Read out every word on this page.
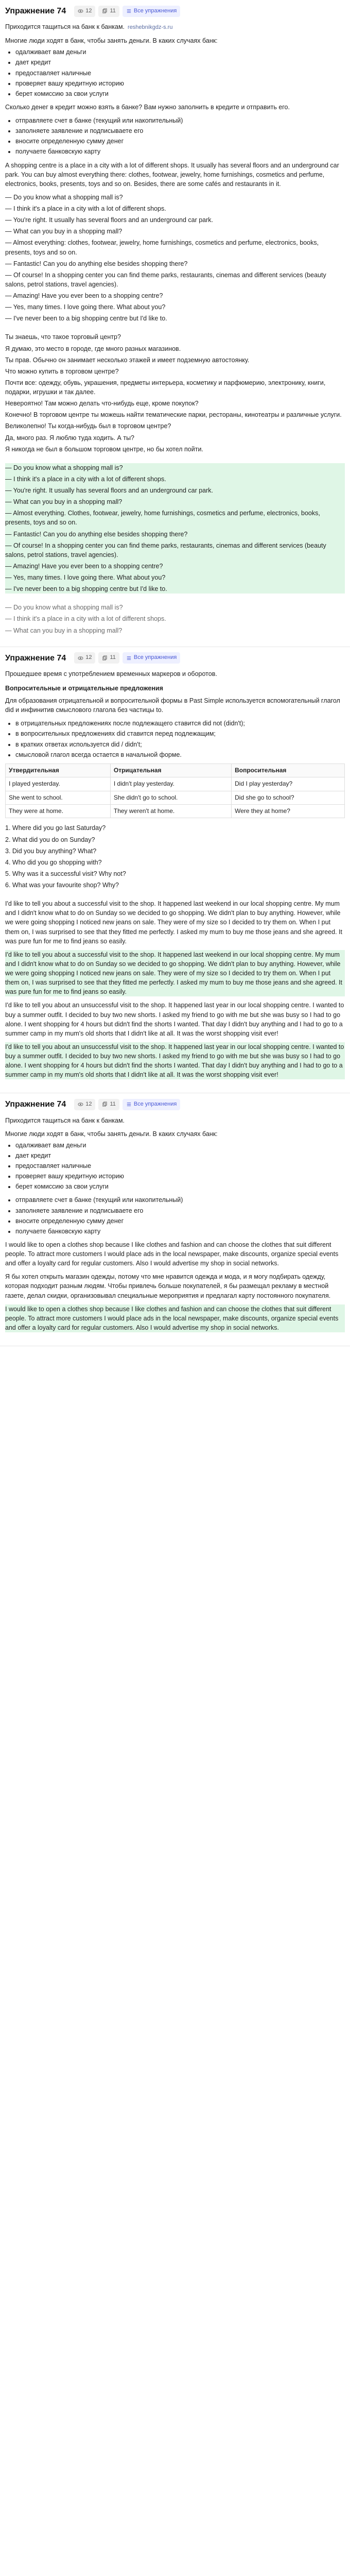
Упражнение 74	12	11	Все упражнения

Приходится тащиться на банк к банкам. reshebnikgdz-s.ru

Многие люди ходят в банк, чтобы занять деньги. В каких случаях банк:

• одалживает вам деньги
• дает кредит
• предоставляет наличные
• проверяет вашу кредитную историю
• берет комиссию за свои услуги

Сколько денег в кредит можно взять в банке? Вам нужно заполнить в кредите и отправить его.

• отправляете счет в банке (текущий или накопительный)
• заполняете заявление и подписываете его
• вносите определенную сумму денег
• получаете банковскую карту

A shopping centre is a place in a city with a lot of different shops. It usually has several floors and an underground car park. You can buy almost everything there: clothes, footwear, jewelry, home furnishings, cosmetics and perfume, electronics, books, presents, toys and so on. Besides, there are some cafés and restaurants in it.

— Do you know what a shopping mall is?

— I think it's a place in a city with a lot of different shops.

— You're right. It usually has several floors and an underground car park.

— What can you buy in a shopping mall?

— Almost everything: clothes, footwear, jewelry, home furnishings, cosmetics and perfume, electronics, books, presents, toys and so on.

— Fantastic! Can you do anything else besides shopping there?

— Of course! In a shopping center you can find theme parks, restaurants, cinemas and different services (beauty salons, petrol stations, travel agencies).

— Amazing! Have you ever been to a shopping centre?

— Yes, many times. I love going there. What about you?

— I've never been to a big shopping centre but I'd like to.

Ты знаешь, что такое торговый центр?

Я думаю, это место в городе, где много разных магазинов.

Ты прав. Обычно он занимает несколько этажей и имеет подземную автостоянку.

Что можно купить в торговом центре?

Почти все: одежду, обувь, украшения, предметы интерьера, косметику и парфюмерию, электронику, книги, подарки, игрушки и так далее.

Невероятно! Там можно делать что-нибудь еще, кроме покупок?

Конечно! В торговом центре ты можешь найти тематические парки, рестораны, кинотеатры и различные услуги.

Великолепно! Ты когда-нибудь был в торговом центре?

Да, много раз. Я люблю туда ходить. А ты?

Я никогда не был в большом торговом центре, но бы хотел пойти.

— Do you know what a shopping mall is?

— I think it's a place in a city with a lot of different shops.

— You're right. It usually has several floors and an underground car park.

— What can you buy in a shopping mall?

— Almost everything. Clothes, footwear, jewelry, home furnishings, cosmetics and perfume, electronics, books, presents, toys and so on.

— Fantastic! Can you do anything else besides shopping there?

— Of course! In a shopping center you can find theme parks, restaurants, cinemas and different services (beauty salons, petrol stations, travel agencies).

— Amazing! Have you ever been to a shopping centre?

— Yes, many times. I love going there. What about you?

— I've never been to a big shopping centre but I'd like to.

— Do you know what a shopping mall is?

— I think it's a place in a city with a lot of different shops.

— What can you buy in a shopping mall?

Упражнение 74	12	11	Все упражнения

Прошедшее время с употреблением временных маркеров и оборотов.

Вопросительные и отрицательные предложения

Для образования отрицательной и вопросительной формы в Past Simple используется вспомогательный глагол did и инфинитив смыслового глагола без частицы to.

• в отрицательных предложениях после подлежащего ставится did not (didn't);
• в вопросительных предложениях did ставится перед подлежащим;
• в кратких ответах используется did / didn't;
• смысловой глагол всегда остается в начальной форме.
Утвердительная	Отрицательная	Вопросительная
I played yesterday.	I didn't play yesterday.	Did I play yesterday?
She went to school.	She didn't go to school.	Did she go to school?
They were at home.	They weren't at home.	Were they at home?

1. Where did you go last Saturday?

2. What did you do on Sunday?

3. Did you buy anything? What?

4. Who did you go shopping with?

5. Why was it a successful visit? Why not?

6. What was your favourite shop? Why?

I'd like to tell you about a successful visit to the shop. It happened last weekend in our local shopping centre. My mum and I didn't know what to do on Sunday so we decided to go shopping. We didn't plan to buy anything. However, while we were going shopping I noticed new jeans on sale. They were of my size so I decided to try them on. When I put them on, I was surprised to see that they fitted me perfectly. I asked my mum to buy me those jeans and she agreed. It was pure fun for me to find jeans so easily.

I'd like to tell you about a successful visit to the shop. It happened last weekend in our local shopping centre. My mum and I didn't know what to do on Sunday so we decided to go shopping. We didn't plan to buy anything. However, while we were going shopping I noticed new jeans on sale. They were of my size so I decided to try them on. When I put them on, I was surprised to see that they fitted me perfectly. I asked my mum to buy me those jeans and she agreed. It was pure fun for me to find jeans so easily.

I'd like to tell you about an unsuccessful visit to the shop. It happened last year in our local shopping centre. I wanted to buy a summer outfit. I decided to buy two new shorts. I asked my friend to go with me but she was busy so I had to go alone. I went shopping for 4 hours but didn't find the shorts I wanted. That day I didn't buy anything and I had to go to a summer camp in my mum's old shorts that I didn't like at all. It was the worst shopping visit ever!

I'd like to tell you about an unsuccessful visit to the shop. It happened last year in our local shopping centre. I wanted to buy a summer outfit. I decided to buy two new shorts. I asked my friend to go with me but she was busy so I had to go alone. I went shopping for 4 hours but didn't find the shorts I wanted. That day I didn't buy anything and I had to go to a summer camp in my mum's old shorts that I didn't like at all. It was the worst shopping visit ever!

Упражнение 74	12	11	Все упражнения

Приходится тащиться на банк к банкам.

Многие люди ходят в банк, чтобы занять деньги. В каких случаях банк:

• одалживает вам деньги
• дает кредит
• предоставляет наличные
• проверяет вашу кредитную историю
• берет комиссию за свои услуги
• отправляете счет в банке (текущий или накопительный)
• заполняете заявление и подписываете его
• вносите определенную сумму денег
• получаете банковскую карту

I would like to open a clothes shop because I like clothes and fashion and can choose the clothes that suit different people. To attract more customers I would place ads in the local newspaper, make discounts, organize special events and offer a loyalty card for regular customers. Also I would advertise my shop in social networks.

Я бы хотел открыть магазин одежды, потому что мне нравится одежда и мода, и я могу подбирать одежду, которая подходит разным людям. Чтобы привлечь больше покупателей, я бы размещал рекламу в местной газете, делал скидки, организовывал специальные мероприятия и предлагал карту постоянного покупателя.

I would like to open a clothes shop because I like clothes and fashion and can choose the clothes that suit different people. To attract more customers I would place ads in the local newspaper, make discounts, organize special events and offer a loyalty card for regular customers. Also I would advertise my shop in social networks.
